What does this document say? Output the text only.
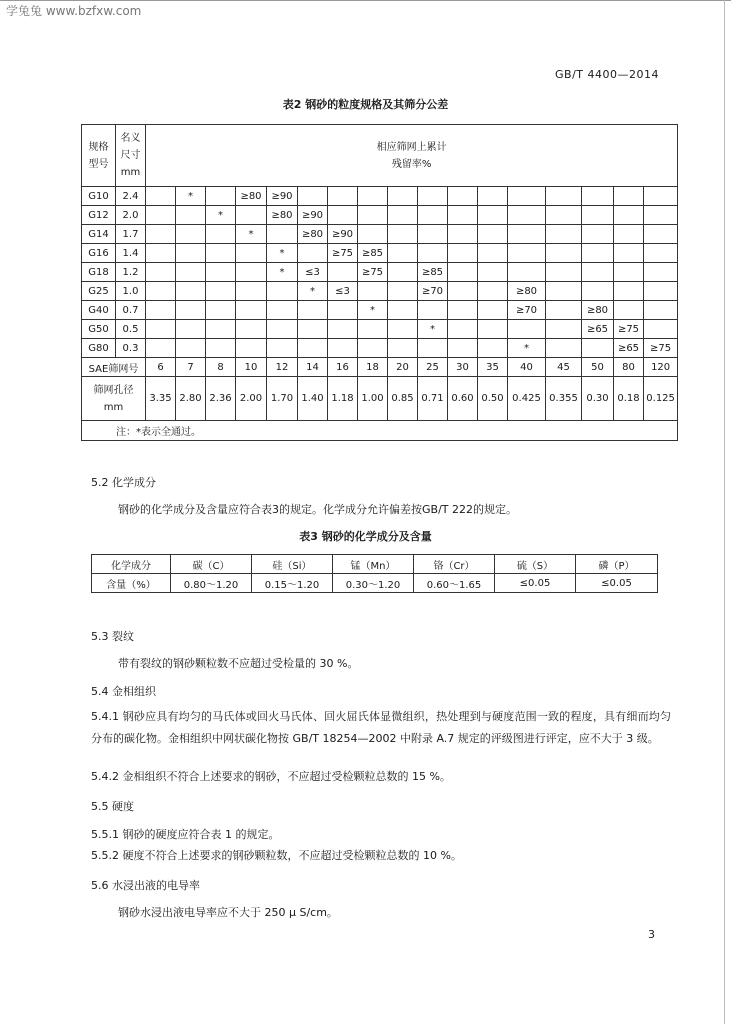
学兔兔 www.bzfxw.com
GB/T 4400—2014
表2 钢砂的粒度规格及其筛分公差
规格型号	名义尺寸mm	相应筛网上累计残留率%																
G10	2.4		*		≥80	≥90												
G12	2.0			*		≥80	≥90											
G14	1.7				*		≥80	≥90										
G16	1.4					*		≥75	≥85									
G18	1.2					*	≤3		≥75		≥85							
G25	1.0						*	≤3			≥70			≥80				
G40	0.7								*					≥70		≥80		
G50	0.5										*					≥65	≥75	
G80	0.3													*			≥65	≥75
SAE筛网号		6	7	8	10	12	14	16	18	20	25	30	35	40	45	50	80	120
筛网孔径mm		3.35	2.80	2.36	2.00	1.70	1.40	1.18	1.00	0.85	0.71	0.60	0.50	0.425	0.355	0.30	0.18	0.125
注：*表示全通过。																		
5.2 化学成分
钢砂的化学成分及含量应符合表3的规定。化学成分允许偏差按GB/T 222的规定。
表3 钢砂的化学成分及含量
化学成分	碳（C）	硅（Si）	锰（Mn）	铬（Cr）	硫（S）	磷（P）
含量（%）	0.80～1.20	0.15～1.20	0.30～1.20	0.60～1.65	≤0.05	≤0.05
5.3 裂纹
带有裂纹的钢砂颗粒数不应超过受检量的 30 %。
5.4 金相组织
5.4.1 钢砂应具有均匀的马氏体或回火马氏体、回火屈氏体显微组织，热处理到与硬度范围一致的程度，具有细而均匀分布的碳化物。金相组织中网状碳化物按 GB/T 18254—2002 中附录 A.7 规定的评级图进行评定，应不大于 3 级。
5.4.2 金相组织不符合上述要求的钢砂，不应超过受检颗粒总数的 15 %。
5.5 硬度
5.5.1 钢砂的硬度应符合表 1 的规定。
5.5.2 硬度不符合上述要求的钢砂颗粒数，不应超过受检颗粒总数的 10 %。
5.6 水浸出液的电导率
钢砂水浸出液电导率应不大于 250 μ S/cm。
3
